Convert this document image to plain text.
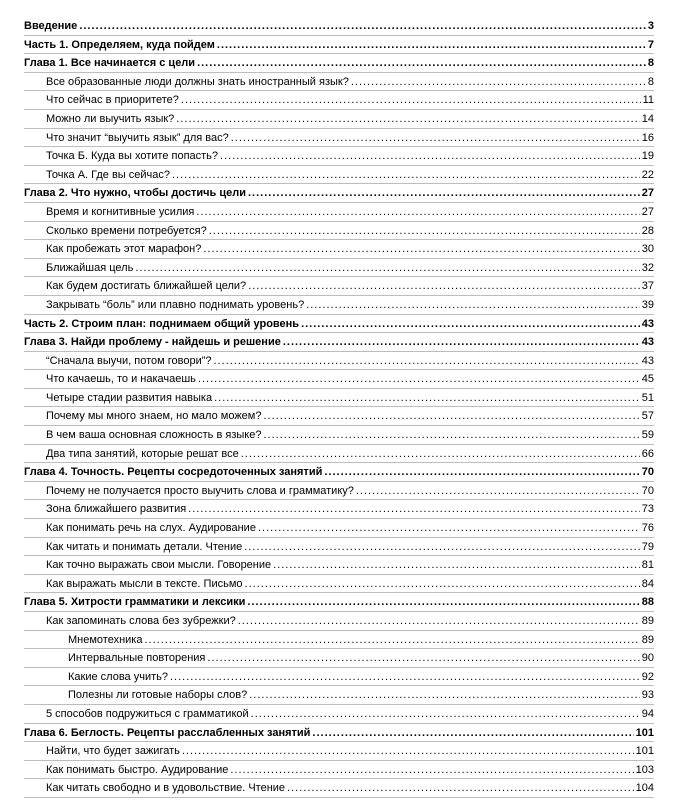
Введение .....	3
Часть 1. Определяем, куда пойдем .....	7
Глава 1. Все начинается с цели .....	8
Все образованные люди должны знать иностранный язык? .....	8
Что сейчас в приоритете? .....	11
Можно ли выучить язык? .....	14
Что значит “выучить язык” для вас? .....	16
Точка Б. Куда вы хотите попасть? .....	19
Точка А. Где вы сейчас? .....	22
Глава 2. Что нужно, чтобы достичь цели .....	27
Время и когнитивные усилия .....	27
Сколько времени потребуется? .....	28
Как пробежать этот марафон? .....	30
Ближайшая цель .....	32
Как будем достигать ближайшей цели? .....	37
Закрывать “боль” или плавно поднимать уровень? .....	39
Часть 2. Строим план: поднимаем общий уровень .....	43
Глава 3. Найди проблему - найдешь и решение .....	43
“Сначала выучи, потом говори”? .....	43
Что качаешь, то и накачаешь .....	45
Четыре стадии развития навыка .....	51
Почему мы много знаем, но мало можем? .....	57
В чем ваша основная сложность в языке? .....	59
Два типа занятий, которые решат все .....	66
Глава 4. Точность. Рецепты сосредоточенных занятий .....	70
Почему не получается просто выучить слова и грамматику? .....	70
Зона ближайшего развития .....	73
Как понимать речь на слух. Аудирование .....	76
Как читать и понимать детали. Чтение .....	79
Как точно выражать свои мысли. Говорение .....	81
Как выражать мысли в тексте. Письмо .....	84
Глава 5. Хитрости грамматики и лексики .....	88
Как запоминать слова без зубрежки? .....	89
Мнемотехника .....	89
Интервальные повторения .....	90
Какие слова учить? .....	92
Полезны ли готовые наборы слов? .....	93
5 способов подружиться с грамматикой .....	94
Глава 6. Беглость. Рецепты расслабленных занятий .....	101
Найти, что будет зажигать .....	101
Как понимать быстро. Аудирование .....	103
Как читать свободно и в удовольствие. Чтение .....	104
